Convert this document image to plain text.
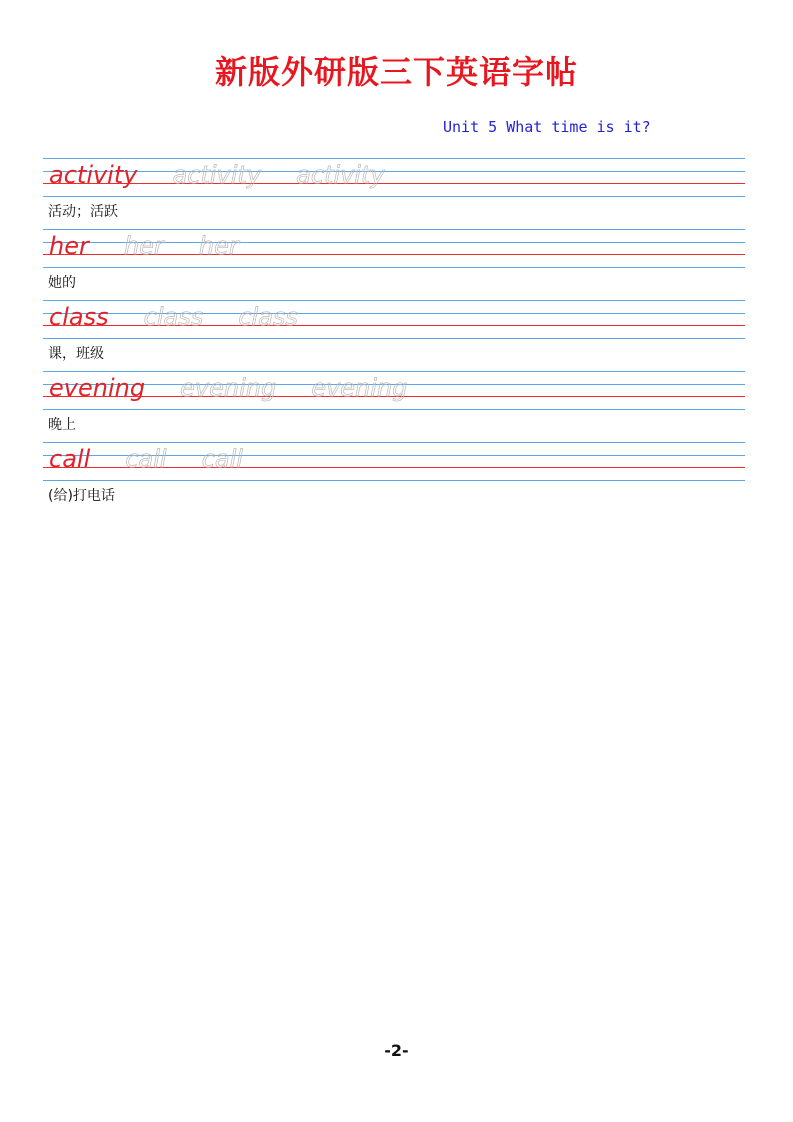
新版外研版三下英语字帖
Unit 5 What time is it?
activity activity activity
活动；活跃
her her her
她的
class class class
课，班级
evening evening evening
晚上
call call call
(给)打电话
-2-
